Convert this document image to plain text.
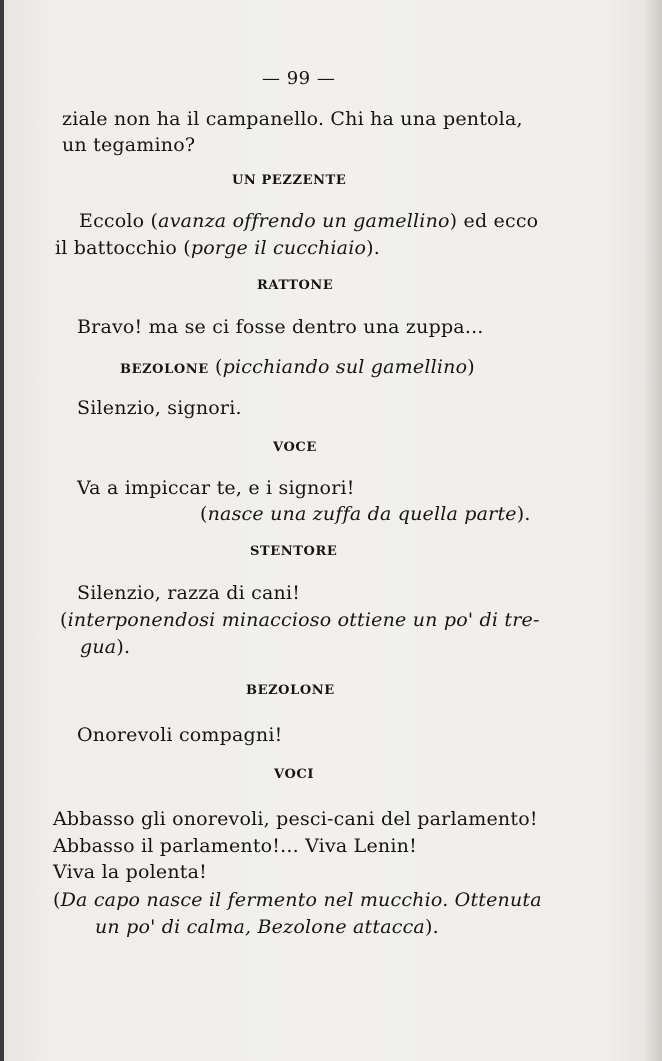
— 99 —
ziale non ha il campanello. Chi ha una pentola,
un tegamino?
UN PEZZENTE
Eccolo (avanza offrendo un gamellino) ed ecco
il battocchio (porge il cucchiaio).
RATTONE
Bravo! ma se ci fosse dentro una zuppa...
BEZOLONE (picchiando sul gamellino)
Silenzio, signori.
VOCE
Va a impiccar te, e i signori!
(nasce una zuffa da quella parte).
STENTORE
Silenzio, razza di cani!
(interponendosi minaccioso ottiene un po' di tre-
gua).
BEZOLONE
Onorevoli compagni!
VOCI
Abbasso gli onorevoli, pesci-cani del parlamento!
Abbasso il parlamento!... Viva Lenin!
Viva la polenta!
(Da capo nasce il fermento nel mucchio. Ottenuta
un po' di calma, Bezolone attacca).
